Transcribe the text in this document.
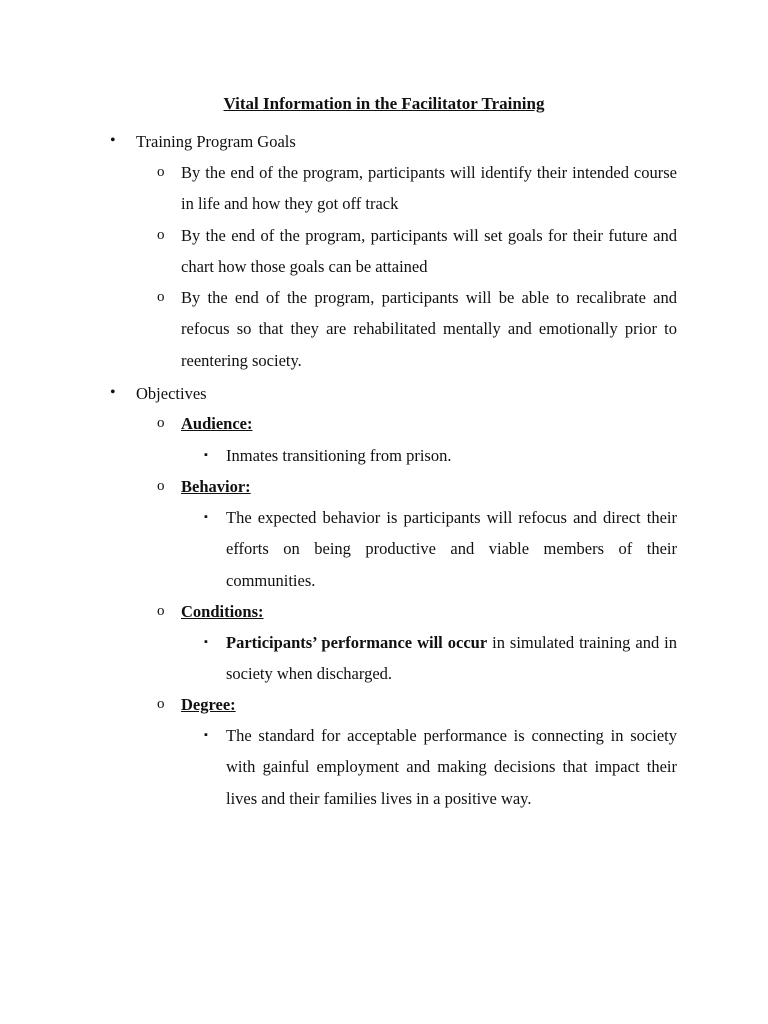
Vital Information in the Facilitator Training
• Training Program Goals
o By the end of the program, participants will identify their intended course in life and how they got off track
o By the end of the program, participants will set goals for their future and chart how those goals can be attained
o By the end of the program, participants will be able to recalibrate and refocus so that they are rehabilitated mentally and emotionally prior to reentering society.
• Objectives
o Audience:
▪ Inmates transitioning from prison.
o Behavior:
▪ The expected behavior is participants will refocus and direct their efforts on being productive and viable members of their communities.
o Conditions:
▪ Participants’ performance will occur in simulated training and in society when discharged.
o Degree:
▪ The standard for acceptable performance is connecting in society with gainful employment and making decisions that impact their lives and their families lives in a positive way.
